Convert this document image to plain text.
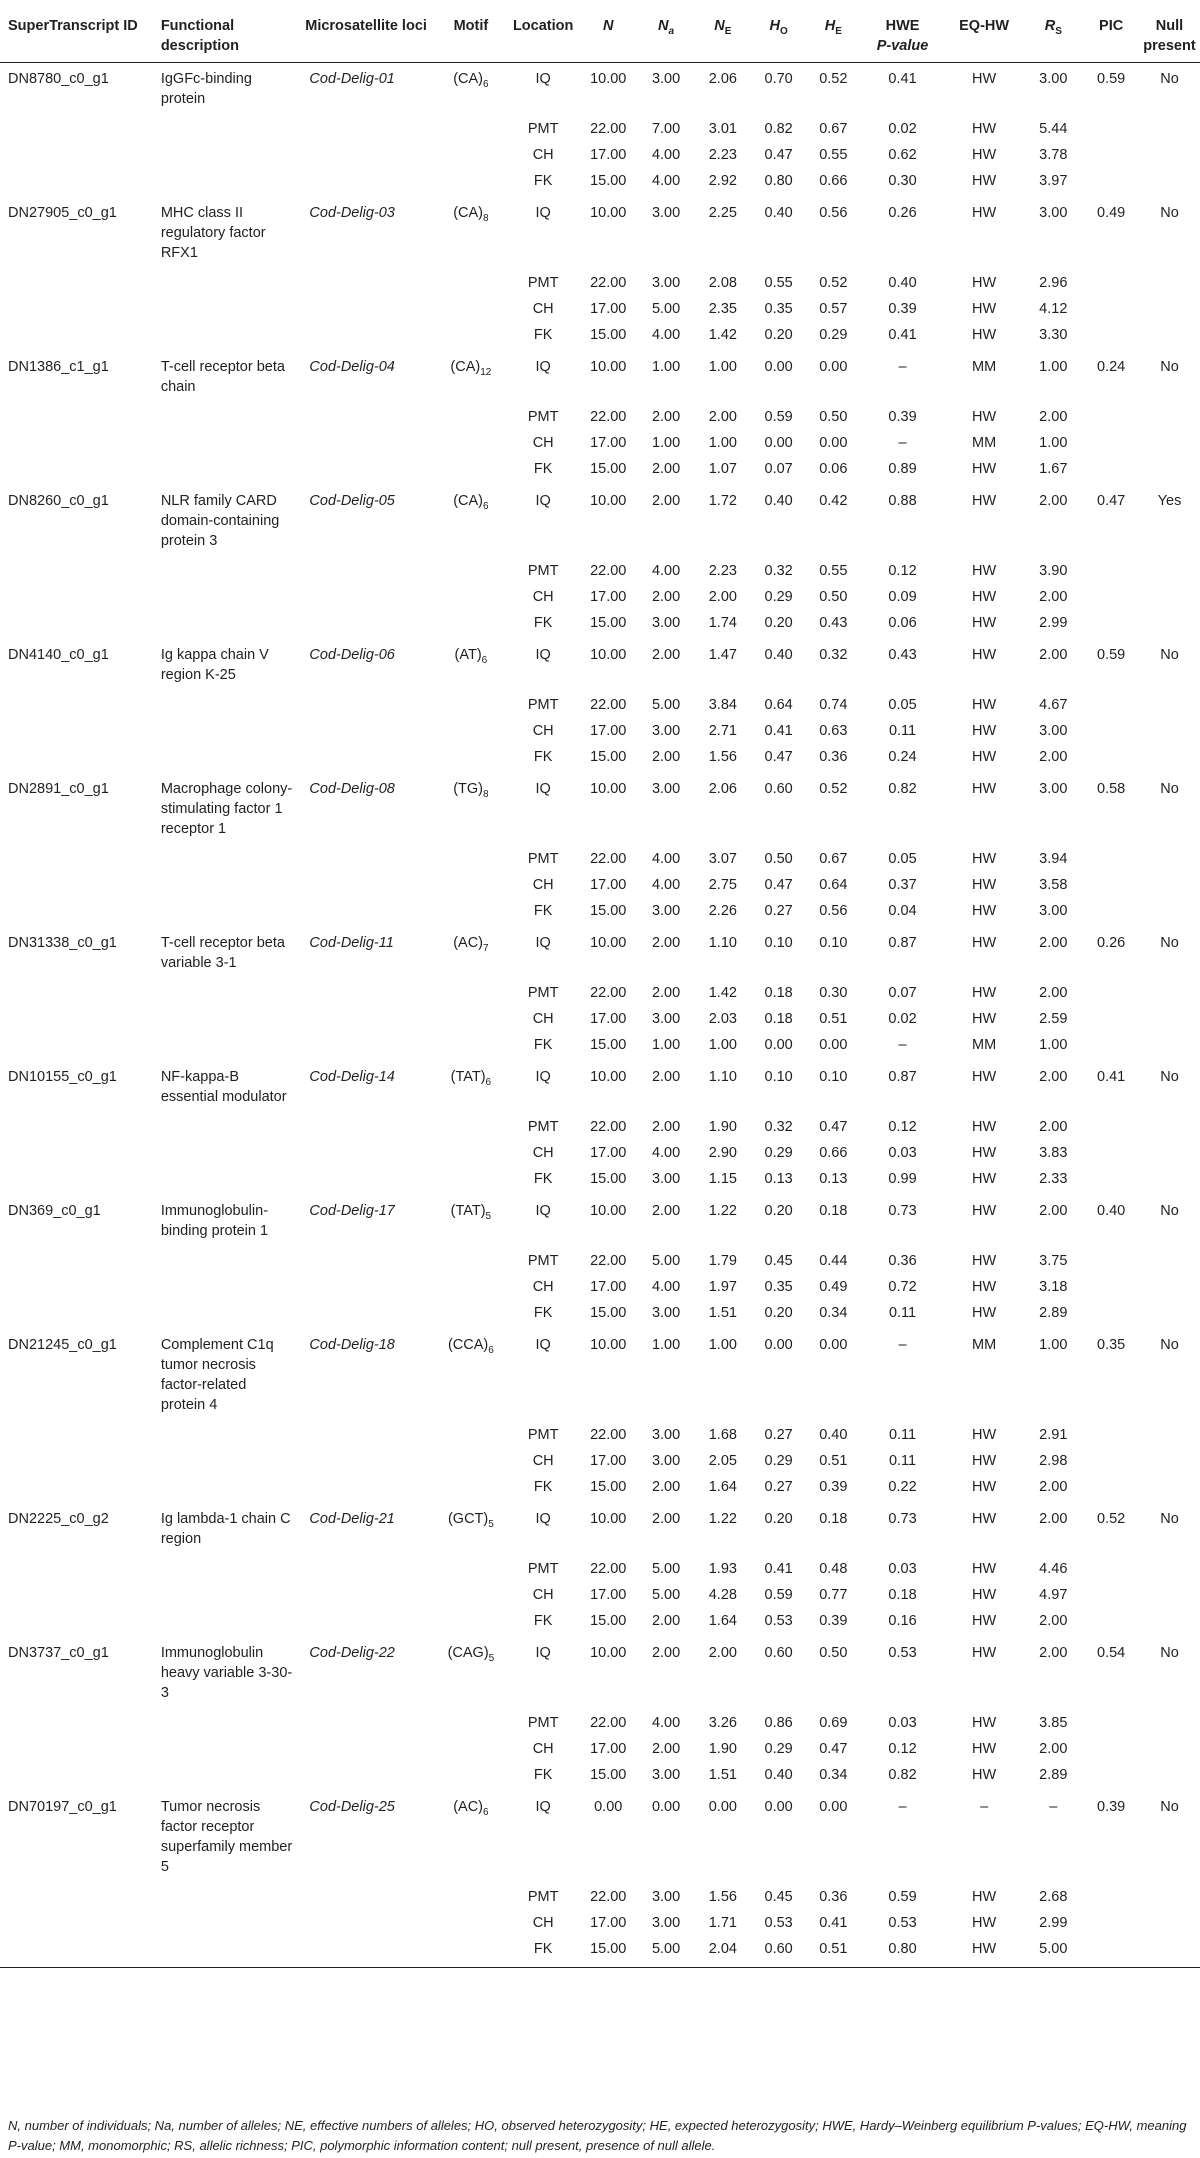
SuperTranscript ID	Functional description	Microsatellite loci	Motif	Location	N	$N_a$	$N_E$	$H_O$	$H_E$	HWE
P-value	EQ-HW	$R_S$	PIC	Null present
DN8780_c0_g1	IgGFc-binding protein	Cod-Delig-01	$(CA)_6$	IQ	10.00	3.00	2.06	0.70	0.52	0.41	HW	3.00	0.59	No
				PMT	22.00	7.00	3.01	0.82	0.67	0.02	HW	5.44		
				CH	17.00	4.00	2.23	0.47	0.55	0.62	HW	3.78		
				FK	15.00	4.00	2.92	0.80	0.66	0.30	HW	3.97		
DN27905_c0_g1	MHC class II regulatory factor RFX1	Cod-Delig-03	$(CA)_8$	IQ	10.00	3.00	2.25	0.40	0.56	0.26	HW	3.00	0.49	No
				PMT	22.00	3.00	2.08	0.55	0.52	0.40	HW	2.96		
				CH	17.00	5.00	2.35	0.35	0.57	0.39	HW	4.12		
				FK	15.00	4.00	1.42	0.20	0.29	0.41	HW	3.30		
DN1386_c1_g1	T-cell receptor beta chain	Cod-Delig-04	$(CA)_{12}$	IQ	10.00	1.00	1.00	0.00	0.00	–	MM	1.00	0.24	No
				PMT	22.00	2.00	2.00	0.59	0.50	0.39	HW	2.00		
				CH	17.00	1.00	1.00	0.00	0.00	–	MM	1.00		
				FK	15.00	2.00	1.07	0.07	0.06	0.89	HW	1.67		
DN8260_c0_g1	NLR family CARD domain-containing protein 3	Cod-Delig-05	$(CA)_6$	IQ	10.00	2.00	1.72	0.40	0.42	0.88	HW	2.00	0.47	Yes
				PMT	22.00	4.00	2.23	0.32	0.55	0.12	HW	3.90		
				CH	17.00	2.00	2.00	0.29	0.50	0.09	HW	2.00		
				FK	15.00	3.00	1.74	0.20	0.43	0.06	HW	2.99		
DN4140_c0_g1	Ig kappa chain V region K-25	Cod-Delig-06	$(AT)_6$	IQ	10.00	2.00	1.47	0.40	0.32	0.43	HW	2.00	0.59	No
				PMT	22.00	5.00	3.84	0.64	0.74	0.05	HW	4.67		
				CH	17.00	3.00	2.71	0.41	0.63	0.11	HW	3.00		
				FK	15.00	2.00	1.56	0.47	0.36	0.24	HW	2.00		
DN2891_c0_g1	Macrophage colony-stimulating factor 1 receptor 1	Cod-Delig-08	$(TG)_8$	IQ	10.00	3.00	2.06	0.60	0.52	0.82	HW	3.00	0.58	No
				PMT	22.00	4.00	3.07	0.50	0.67	0.05	HW	3.94		
				CH	17.00	4.00	2.75	0.47	0.64	0.37	HW	3.58		
				FK	15.00	3.00	2.26	0.27	0.56	0.04	HW	3.00		
DN31338_c0_g1	T-cell receptor beta variable 3-1	Cod-Delig-11	$(AC)_7$	IQ	10.00	2.00	1.10	0.10	0.10	0.87	HW	2.00	0.26	No
				PMT	22.00	2.00	1.42	0.18	0.30	0.07	HW	2.00		
				CH	17.00	3.00	2.03	0.18	0.51	0.02	HW	2.59		
				FK	15.00	1.00	1.00	0.00	0.00	–	MM	1.00		
DN10155_c0_g1	NF-kappa-B essential modulator	Cod-Delig-14	$(TAT)_6$	IQ	10.00	2.00	1.10	0.10	0.10	0.87	HW	2.00	0.41	No
				PMT	22.00	2.00	1.90	0.32	0.47	0.12	HW	2.00		
				CH	17.00	4.00	2.90	0.29	0.66	0.03	HW	3.83		
				FK	15.00	3.00	1.15	0.13	0.13	0.99	HW	2.33		
DN369_c0_g1	Immunoglobulin-binding protein 1	Cod-Delig-17	$(TAT)_5$	IQ	10.00	2.00	1.22	0.20	0.18	0.73	HW	2.00	0.40	No
				PMT	22.00	5.00	1.79	0.45	0.44	0.36	HW	3.75		
				CH	17.00	4.00	1.97	0.35	0.49	0.72	HW	3.18		
				FK	15.00	3.00	1.51	0.20	0.34	0.11	HW	2.89		
DN21245_c0_g1	Complement C1q tumor necrosis factor-related protein 4	Cod-Delig-18	$(CCA)_6$	IQ	10.00	1.00	1.00	0.00	0.00	–	MM	1.00	0.35	No
				PMT	22.00	3.00	1.68	0.27	0.40	0.11	HW	2.91		
				CH	17.00	3.00	2.05	0.29	0.51	0.11	HW	2.98		
				FK	15.00	2.00	1.64	0.27	0.39	0.22	HW	2.00		
DN2225_c0_g2	Ig lambda-1 chain C region	Cod-Delig-21	$(GCT)_5$	IQ	10.00	2.00	1.22	0.20	0.18	0.73	HW	2.00	0.52	No
				PMT	22.00	5.00	1.93	0.41	0.48	0.03	HW	4.46		
				CH	17.00	5.00	4.28	0.59	0.77	0.18	HW	4.97		
				FK	15.00	2.00	1.64	0.53	0.39	0.16	HW	2.00		
DN3737_c0_g1	Immunoglobulin heavy variable 3-30-3	Cod-Delig-22	$(CAG)_5$	IQ	10.00	2.00	2.00	0.60	0.50	0.53	HW	2.00	0.54	No
				PMT	22.00	4.00	3.26	0.86	0.69	0.03	HW	3.85		
				CH	17.00	2.00	1.90	0.29	0.47	0.12	HW	2.00		
				FK	15.00	3.00	1.51	0.40	0.34	0.82	HW	2.89		
DN70197_c0_g1	Tumor necrosis factor receptor superfamily member 5	Cod-Delig-25	$(AC)_6$	IQ	0.00	0.00	0.00	0.00	0.00	–	–	–	0.39	No
				PMT	22.00	3.00	1.56	0.45	0.36	0.59	HW	2.68		
				CH	17.00	3.00	1.71	0.53	0.41	0.53	HW	2.99		
				FK	15.00	5.00	2.04	0.60	0.51	0.80	HW	5.00		
N, number of individuals; Na, number of alleles; NE, effective numbers of alleles; HO, observed heterozygosity; HE, expected heterozygosity; HWE, Hardy–Weinberg equilibrium P-values; EQ-HW, meaning P-value; MM, monomorphic; RS, allelic richness; PIC, polymorphic information content; null present, presence of null allele.
